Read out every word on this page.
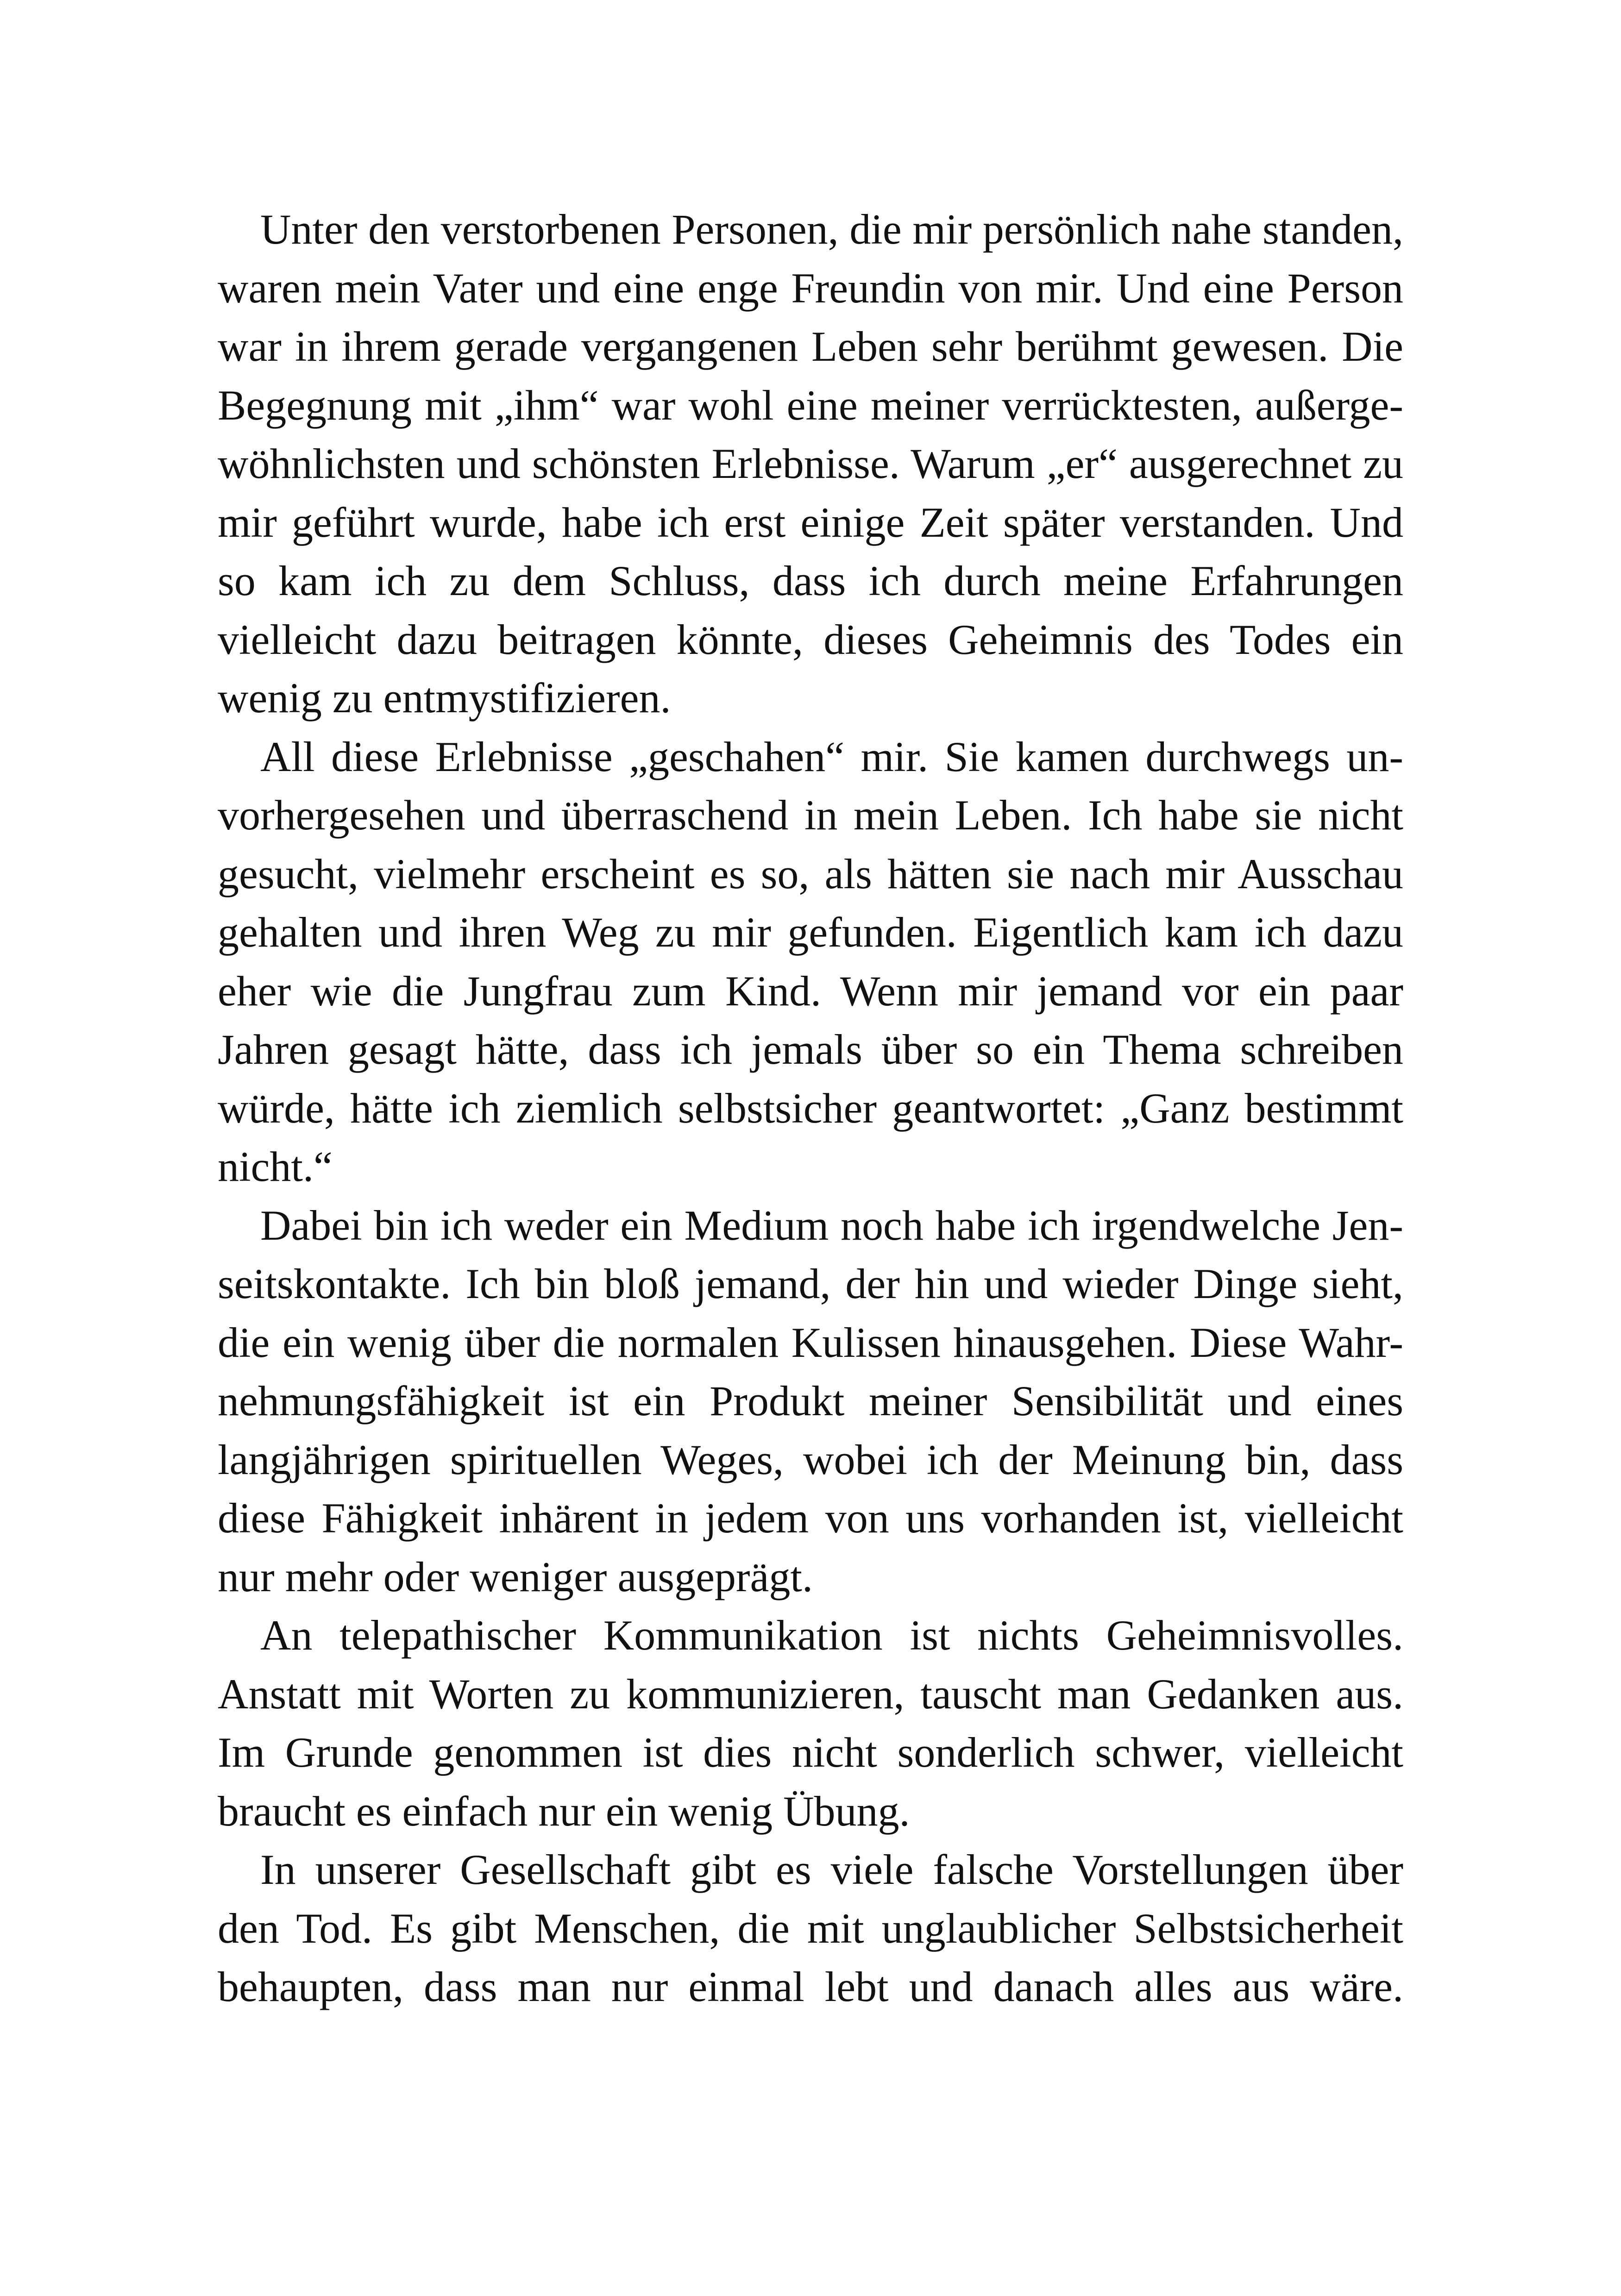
Unter den verstorbenen Personen, die mir persönlich nahe standen,
waren mein Vater und eine enge Freundin von mir. Und eine Person
war in ihrem gerade vergangenen Leben sehr berühmt gewesen. Die
Begegnung mit „ihm“ war wohl eine meiner verrücktesten, außerge-
wöhnlichsten und schönsten Erlebnisse. Warum „er“ ausgerechnet zu
mir geführt wurde, habe ich erst einige Zeit später verstanden. Und
so kam ich zu dem Schluss, dass ich durch meine Erfahrungen
vielleicht dazu beitragen könnte, dieses Geheimnis des Todes ein
wenig zu entmystifizieren.
All diese Erlebnisse „geschahen“ mir. Sie kamen durchwegs un-
vorhergesehen und überraschend in mein Leben. Ich habe sie nicht
gesucht, vielmehr erscheint es so, als hätten sie nach mir Ausschau
gehalten und ihren Weg zu mir gefunden. Eigentlich kam ich dazu
eher wie die Jungfrau zum Kind. Wenn mir jemand vor ein paar
Jahren gesagt hätte, dass ich jemals über so ein Thema schreiben
würde, hätte ich ziemlich selbstsicher geantwortet: „Ganz bestimmt
nicht.“
Dabei bin ich weder ein Medium noch habe ich irgendwelche Jen-
seitskontakte. Ich bin bloß jemand, der hin und wieder Dinge sieht,
die ein wenig über die normalen Kulissen hinausgehen. Diese Wahr-
nehmungsfähigkeit ist ein Produkt meiner Sensibilität und eines
langjährigen spirituellen Weges, wobei ich der Meinung bin, dass
diese Fähigkeit inhärent in jedem von uns vorhanden ist, vielleicht
nur mehr oder weniger ausgeprägt.
An telepathischer Kommunikation ist nichts Geheimnisvolles.
Anstatt mit Worten zu kommunizieren, tauscht man Gedanken aus.
Im Grunde genommen ist dies nicht sonderlich schwer, vielleicht
braucht es einfach nur ein wenig Übung.
In unserer Gesellschaft gibt es viele falsche Vorstellungen über
den Tod. Es gibt Menschen, die mit unglaublicher Selbstsicherheit
behaupten, dass man nur einmal lebt und danach alles aus wäre.
